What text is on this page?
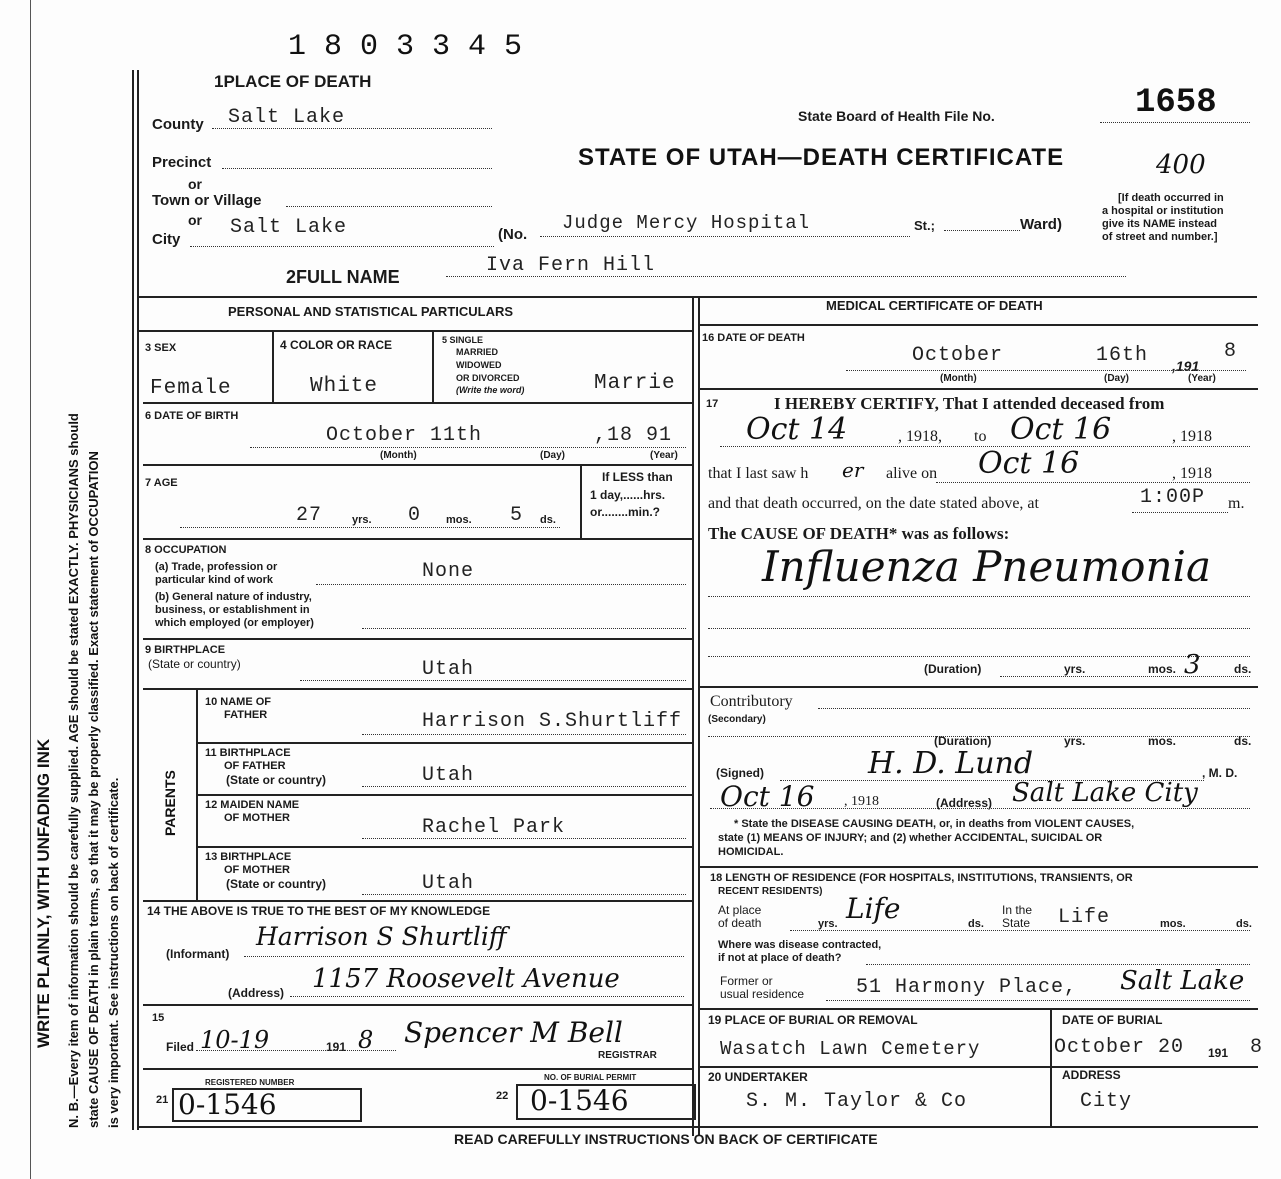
WRITE PLAINLY, WITH UNFADING INK N. B.—Every item of information should be carefully supplied. AGE should be stated EXACTLY. PHYSICIANS should state CAUSE OF DEATH in plain terms, so that it may be properly classified. Exact statement of OCCUPATION is very important. See instructions on back of certificate.
1 8 0 3 3 4 5
1PLACE OF DEATH
State Board of Health File No.	1658
400
STATE OF UTAH—DEATH CERTIFICATE
County Salt Lake
Precinct
or
Town or Village
or
City
Salt Lake	(No.
Judge Mercy Hospital	St.;	Ward)
[If death occurred in
a hospital or institution
give its NAME instead
of street and number.]
2FULL NAME	Iva Fern Hill
PERSONAL AND STATISTICAL PARTICULARS
3 SEX
Female
4 COLOR OR RACE
White
5 SINGLE
MARRIED
WIDOWED
OR DIVORCED
(Write the word)	Marrie
6 DATE OF BIRTH
October 11th	,18 91
(Month)	(Day)	(Year)
7 AGE
27	yrs. 0 mos. 5 ds.
If LESS than
1 day,......hrs.
or........min.?
8 OCCUPATION
(a) Trade, profession or
particular kind of work	None
(b) General nature of industry,
business, or establishment in
which employed (or employer)
9 BIRTHPLACE
(State or country)	Utah
PARENTS
10 NAME OF
FATHER	Harrison S.Shurtliff
11 BIRTHPLACE
OF FATHER
(State or country)	Utah
12 MAIDEN NAME
OF MOTHER	Rachel Park
13 BIRTHPLACE
OF MOTHER
(State or country)	Utah
14 THE ABOVE IS TRUE TO THE BEST OF MY KNOWLEDGE
(Informant)
Harrison S Shurtliff
(Address) 1157 Roosevelt Avenue
15
Filed 10-19	191 8 Spencer M Bell
REGISTRAR
REGISTERED NUMBER
21 0-1546
NO. OF BURIAL PERMIT
22 0-1546
MEDICAL CERTIFICATE OF DEATH
16 DATE OF DEATH
October	16th ,191
8
(Month)	(Day)	(Year)
17	I HEREBY CERTIFY, That I attended deceased from
Oct 14	, 1918, to Oct 16	, 1918
that I last saw h er alive on Oct 16	, 1918
and that death occurred, on the date stated above, at	1:00P m.
The CAUSE OF DEATH* was as follows:
Influenza Pneumonia
(Duration)	yrs.	mos. 3	ds.
Contributory
(Secondary)
(Duration)	yrs.	mos.	ds.
(Signed)	H. D. Lund	, M. D.
Oct 16 , 1918	(Address) Salt Lake City
* State the DISEASE CAUSING DEATH, or, in deaths from VIOLENT CAUSES,
state (1) MEANS OF INJURY; and (2) whether ACCIDENTAL, SUICIDAL OR
HOMICIDAL.
18 LENGTH OF RESIDENCE (FOR HOSPITALS, INSTITUTIONS, TRANSIENTS, OR
RECENT RESIDENTS)
At place
of death	yrs. Life	ds.
In the
State Life	mos.	ds.
Where was disease contracted,
if not at place of death?
Former or
usual residence	51 Harmony Place, Salt Lake
19 PLACE OF BURIAL OR REMOVAL
Wasatch Lawn Cemetery
DATE OF BURIAL
October 20 191 8
20 UNDERTAKER
S. M. Taylor & Co
ADDRESS
City
READ CAREFULLY INSTRUCTIONS ON BACK OF CERTIFICATE
